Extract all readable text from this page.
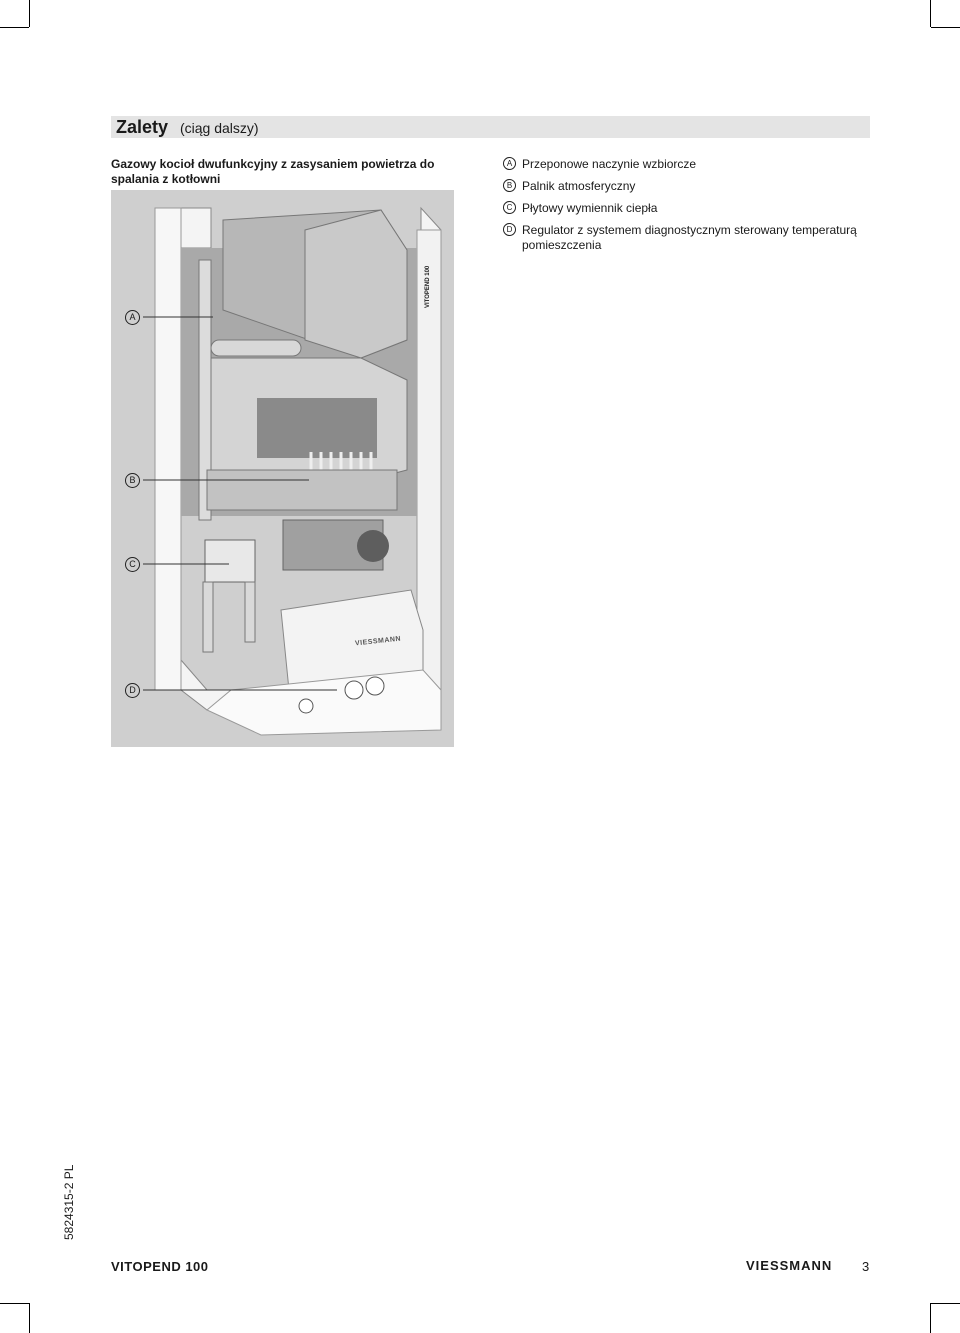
Zalety (ciąg dalszy)
Gazowy kocioł dwufunkcyjny z zasysaniem powietrza do spalania z kotłowni
A Przeponowe naczynie wzbiorcze
B Palnik atmosferyczny
C Płytowy wymiennik ciepła
D Regulator z systemem diagnostycznym sterowany temperaturą pomieszczenia
A
B
C
D
VITOPEND 100
VIESSMANN
5824315-2 PL
VITOPEND 100	VIESSMANN 3
